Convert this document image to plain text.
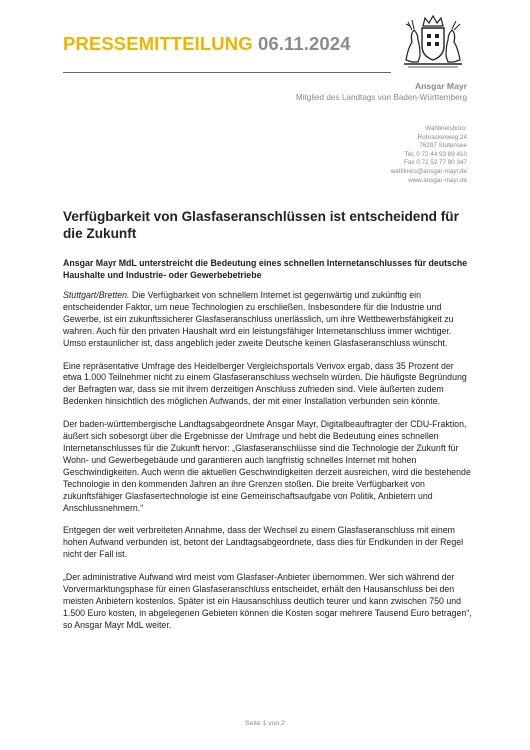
PRESSEMITTEILUNG 06.11.2024
Ansgar Mayr
Mitglied des Landtags von Baden-Württemberg
Wahlkreisbüro:
Rohrackerweg 24
76297 Stutensee
Tel. 0 72 44 93 89 410
Fax 0 72 52 77 90 347
wahlkreis@ansgar-mayr.de
www.ansgar-mayr.de
Verfügbarkeit von Glasfaseranschlüssen ist entscheidend für die Zukunft

Ansgar Mayr MdL unterstreicht die Bedeutung eines schnellen Internetanschlusses für deutsche Haushalte und Industrie- oder Gewerbebetriebe

Stuttgart/Bretten. Die Verfügbarkeit von schnellem Internet ist gegenwärtig und zukünftig ein entscheidender Faktor, um neue Technologien zu erschließen. Insbesondere für die Industrie und Gewerbe, ist ein zukunftssicherer Glasfaseranschluss unerlässlich, um ihre Wettbewerbsfähigkeit zu wahren. Auch für den privaten Haushalt wird ein leistungsfähiger Internetanschluss immer wichtiger. Umso erstaunlicher ist, dass angeblich jeder zweite Deutsche keinen Glasfaseranschluss wünscht.

Eine repräsentative Umfrage des Heidelberger Vergleichsportals Verivox ergab, dass 35 Prozent der etwa 1.000 Teilnehmer nicht zu einem Glasfaseranschluss wechseln würden. Die häufigste Begründung der Befragten war, dass sie mit ihrem derzeitigen Anschluss zufrieden sind. Viele äußerten zudem Bedenken hinsichtlich des möglichen Aufwands, der mit einer Installation verbunden sein könnte.

Der baden-württembergische Landtagsabgeordnete Ansgar Mayr, Digitalbeauftragter der CDU-Fraktion, äußert sich sobesorgt über die Ergebnisse der Umfrage und hebt die Bedeutung eines schnellen Internetanschlusses für die Zukunft hervor: „Glasfaseranschlüsse sind die Technologie der Zukunft für Wohn- und Gewerbegebäude und garantieren auch langfristig schnelles Internet mit hohen Geschwindigkeiten. Auch wenn die aktuellen Geschwindigkeiten derzeit ausreichen, wird die bestehende Technologie in den kommenden Jahren an ihre Grenzen stoßen. Die breite Verfügbarkeit von zukunftsfähiger Glasfasertechnologie ist eine Gemeinschaftsaufgabe von Politik, Anbietern und Anschlussnehmern.“

Entgegen der weit verbreiteten Annahme, dass der Wechsel zu einem Glasfaseranschluss mit einem hohen Aufwand verbunden ist, betont der Landtagsabgeordnete, dass dies für Endkunden in der Regel nicht der Fall ist.

„Der administrative Aufwand wird meist vom Glasfaser-Anbieter übernommen. Wer sich während der Vorvermarktungsphase für einen Glasfaseranschluss entscheidet, erhält den Hausanschluss bei den meisten Anbietern kostenlos. Später ist ein Hausanschluss deutlich teurer und kann zwischen 750 und 1.500 Euro kosten, in abgelegenen Gebieten können die Kosten sogar mehrere Tausend Euro betragen“, so Ansgar Mayr MdL weiter.

Seite 1 von 2
